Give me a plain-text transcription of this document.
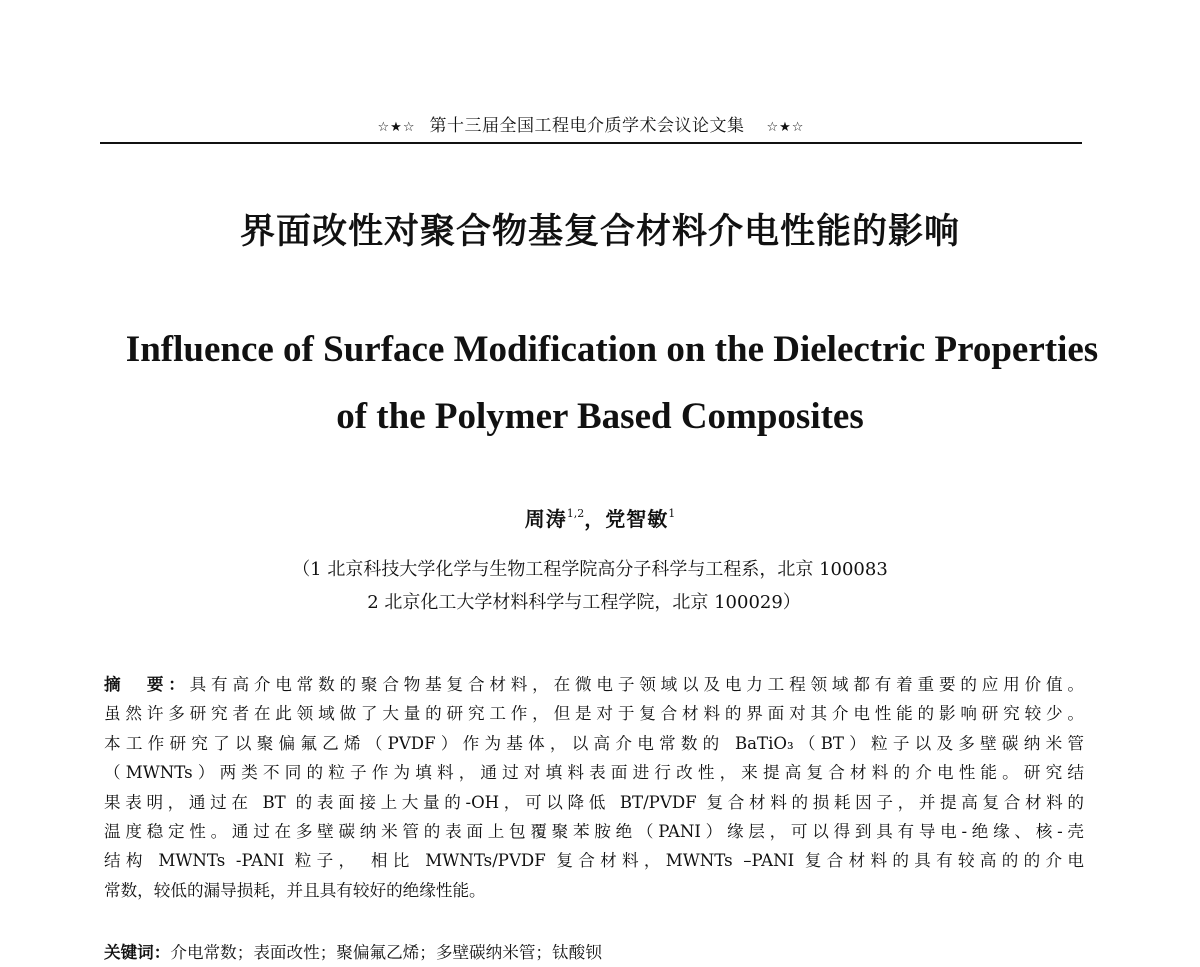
☆★☆ 第十三届全国工程电介质学术会议论文集 ☆★☆
界面改性对聚合物基复合材料介电性能的影响
Influence of Surface Modification on the Dielectric Properties
of the Polymer Based Composites
周涛$^{1,2}$，党智敏$^1$
（1 北京科技大学化学与生物工程学院高分子科学与工程系，北京 100083
2 北京化工大学材料科学与工程学院，北京 100029）
摘　要：具有高介电常数的聚合物基复合材料，在微电子领域以及电力工程领域都有着重要的应用价值。
虽然许多研究者在此领域做了大量的研究工作，但是对于复合材料的界面对其介电性能的影响研究较少。
本工作研究了以聚偏氟乙烯（PVDF）作为基体，以高介电常数的 BaTiO₃（BT）粒子以及多壁碳纳米管
（MWNTs）两类不同的粒子作为填料，通过对填料表面进行改性，来提高复合材料的介电性能。研究结
果表明，通过在 BT 的表面接上大量的-OH，可以降低 BT/PVDF 复合材料的损耗因子，并提高复合材料的
温度稳定性。通过在多壁碳纳米管的表面上包覆聚苯胺绝（PANI）缘层，可以得到具有导电-绝缘、核-壳
结构 MWNTs -PANI 粒子， 相比 MWNTs/PVDF 复合材料，MWNTs –PANI 复合材料的具有较高的的介电
常数，较低的漏导损耗，并且具有较好的绝缘性能。
关键词：介电常数；表面改性；聚偏氟乙烯；多壁碳纳米管；钛酸钡
